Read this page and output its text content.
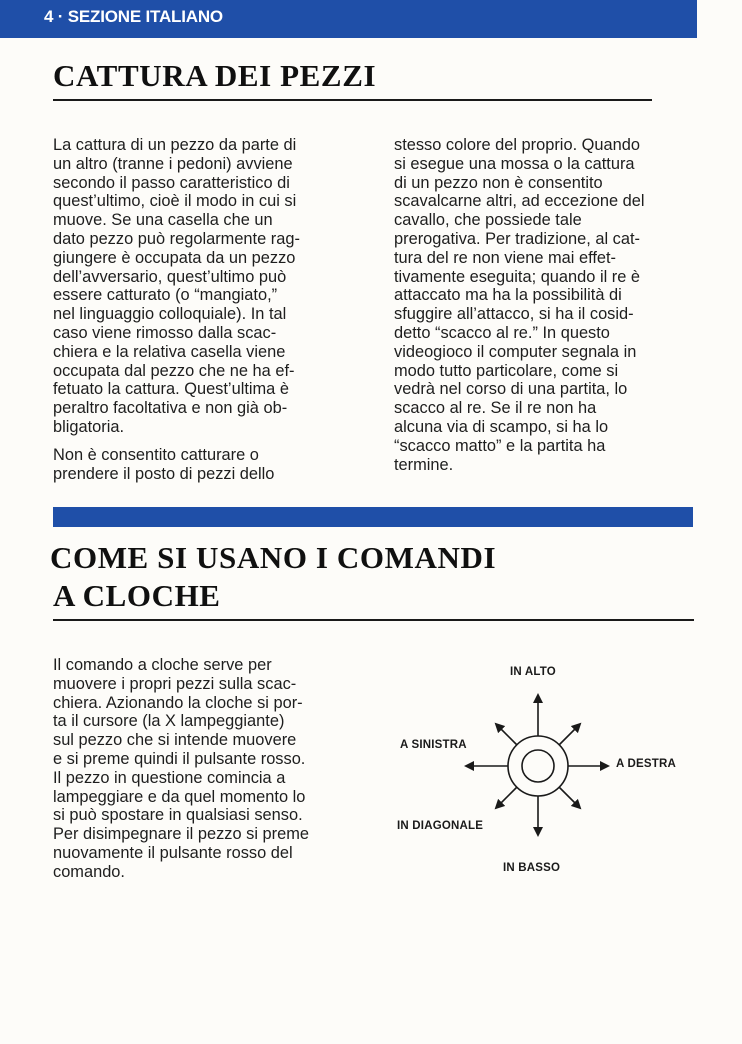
4 · SEZIONE ITALIANO
CATTURA DEI PEZZI

La cattura di un pezzo da parte di
un altro (tranne i pedoni) avviene
secondo il passo caratteristico di
quest’ultimo, cioè il modo in cui si
muove. Se una casella che un
dato pezzo può regolarmente rag-
giungere è occupata da un pezzo
dell’avversario, quest’ultimo può
essere catturato (o “mangiato,”
nel linguaggio colloquiale). In tal
caso viene rimosso dalla scac-
chiera e la relativa casella viene
occupata dal pezzo che ne ha ef-
fetuato la cattura. Quest’ultima è
peraltro facoltativa e non già ob-
bligatoria.

Non è consentito catturare o
prendere il posto di pezzi dello

stesso colore del proprio. Quando
si esegue una mossa o la cattura
di un pezzo non è consentito
scavalcarne altri, ad eccezione del
cavallo, che possiede tale
prerogativa. Per tradizione, al cat-
tura del re non viene mai effet-
tivamente eseguita; quando il re è
attaccato ma ha la possibilità di
sfuggire all’attacco, si ha il cosid-
detto “scacco al re.” In questo
videogioco il computer segnala in
modo tutto particolare, come si
vedrà nel corso di una partita, lo
scacco al re. Se il re non ha
alcuna via di scampo, si ha lo
“scacco matto” e la partita ha
termine.

COME SI USANO I COMANDI
A CLOCHE

Il comando a cloche serve per
muovere i propri pezzi sulla scac-
chiera. Azionando la cloche si por-
ta il cursore (la X lampeggiante)
sul pezzo che si intende muovere
e si preme quindi il pulsante rosso.
Il pezzo in questione comincia a
lampeggiare e da quel momento lo
si può spostare in qualsiasi senso.
Per disimpegnare il pezzo si preme
nuovamente il pulsante rosso del
comando.

IN ALTO
A SINISTRA
A DESTRA
IN DIAGONALE
IN BASSO
